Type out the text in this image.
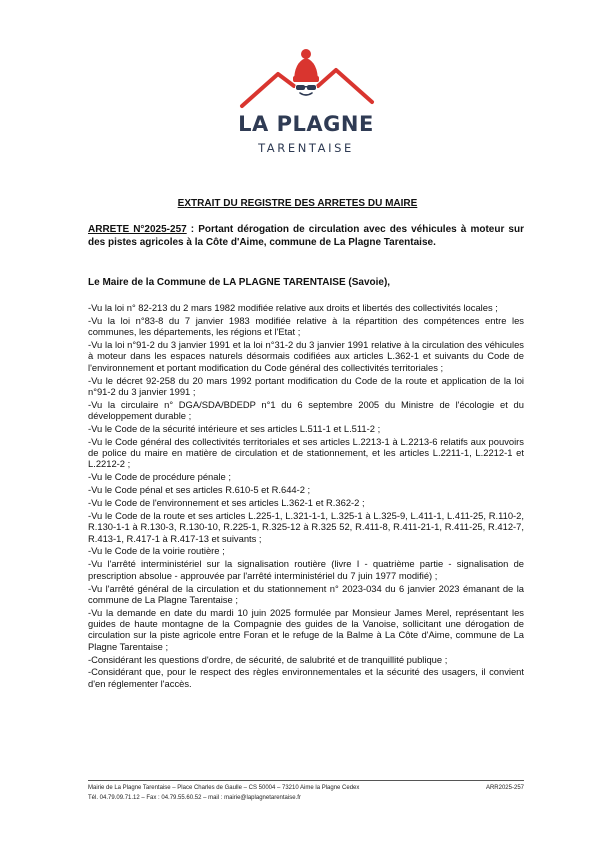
LA PLAGNE
TARENTAISE
EXTRAIT DU REGISTRE DES ARRETES DU MAIRE
ARRETE N°2025-257 : Portant dérogation de circulation avec des véhicules à moteur sur des pistes agricoles à la Côte d'Aime, commune de La Plagne Tarentaise.
Le Maire de la Commune de LA PLAGNE TARENTAISE (Savoie),

-Vu la loi n° 82-213 du 2 mars 1982 modifiée relative aux droits et libertés des collectivités locales ;

-Vu la loi n°83-8 du 7 janvier 1983 modifiée relative à la répartition des compétences entre les communes, les départements, les régions et l'Etat ;

-Vu la loi n°91-2 du 3 janvier 1991 et la loi n°31-2 du 3 janvier 1991 relative à la circulation des véhicules à moteur dans les espaces naturels désormais codifiées aux articles L.362-1 et suivants du Code de l'environnement et portant modification du Code général des collectivités territoriales ;

-Vu le décret 92-258 du 20 mars 1992 portant modification du Code de la route et application de la loi n°91-2 du 3 janvier 1991 ;

-Vu la circulaire n° DGA/SDA/BDEDP n°1 du 6 septembre 2005 du Ministre de l'écologie et du développement durable ;

-Vu le Code de la sécurité intérieure et ses articles L.511-1 et L.511-2 ;

-Vu le Code général des collectivités territoriales et ses articles L.2213-1 à L.2213-6 relatifs aux pouvoirs de police du maire en matière de circulation et de stationnement, et les articles L.2211-1, L.2212-1 et L.2212-2 ;

-Vu le Code de procédure pénale ;

-Vu le Code pénal et ses articles R.610-5 et R.644-2 ;

-Vu le Code de l'environnement et ses articles L.362-1 et R.362-2 ;

-Vu le Code de la route et ses articles L.225-1, L.321-1-1, L.325-1 à L.325-9, L.411-1, L.411-25, R.110-2, R.130-1-1 à R.130-3, R.130-10, R.225-1, R.325-12 à R.325 52, R.411-8, R.411-21-1, R.411-25, R.412-7, R.413-1, R.417-1 à R.417-13 et suivants ;

-Vu le Code de la voirie routière ;

-Vu l'arrêté interministériel sur la signalisation routière (livre I - quatrième partie - signalisation de prescription absolue - approuvée par l'arrêté interministériel du 7 juin 1977 modifié) ;

-Vu l'arrêté général de la circulation et du stationnement n° 2023-034 du 6 janvier 2023 émanant de la commune de La Plagne Tarentaise ;

-Vu la demande en date du mardi 10 juin 2025 formulée par Monsieur James Merel, représentant les guides de haute montagne de la Compagnie des guides de la Vanoise, sollicitant une dérogation de circulation sur la piste agricole entre Foran et le refuge de la Balme à La Côte d'Aime, commune de La Plagne Tarentaise ;

-Considérant les questions d'ordre, de sécurité, de salubrité et de tranquillité publique ;

-Considérant que, pour le respect des règles environnementales et la sécurité des usagers, il convient d'en réglementer l'accès.

Mairie de La Plagne Tarentaise – Place Charles de Gaulle – CS 50004 – 73210 Aime la Plagne Cedex
Tél. 04.79.09.71.12 – Fax : 04.79.55.60.52 – mail : mairie@laplagnetarentaise.fr
ARR2025-257
